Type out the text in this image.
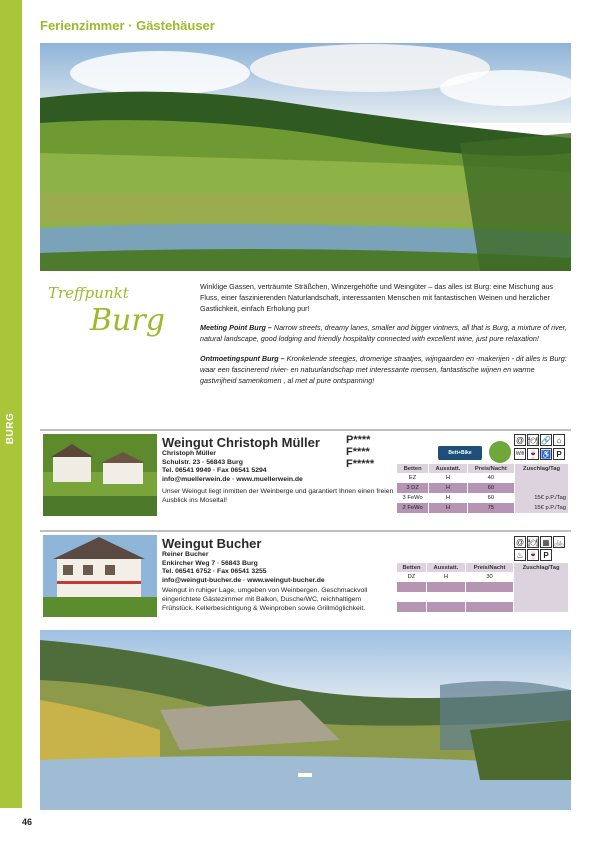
BURG
Ferienzimmer · Gästehäuser
Treffpunkt
Burg

Winklige Gassen, verträumte Sträßchen, Winzergehöfte und Weingüter – das alles ist Burg: eine Mischung aus Fluss, einer faszinierenden Naturlandschaft, interessanten Menschen mit fantastischen Weinen und herzlicher Gastlichkeit, einfach Erholung pur!

Meeting Point Burg – Narrow streets, dreamy lanes, smaller and bigger vintners, all that is Burg, a mixture of river, natural landscape, good lodging and friendly hospitality connected with excellent wine, just pure relaxation!

Ontmoetingspunt Burg – Kronkelende steegjes, dromerige straatjes, wijngaarden en -makerijen - dit alles is Burg: waar een fascinerend rivier- en natuurlandschap met interessante mensen, fantastische wijnen en warme gastvrijheid samenkomen , al met al pure ontspanning!

Weingut Christoph Müller
Christoph Müller
Schulstr. 23 · 56843 Burg
Tel. 06541 9949 · Fax 06541 5294
info@muellerwein.de · www.muellerwein.de
Unser Weingut liegt inmitten der Weinberge und garantiert Ihnen einen freien Ausblick ins Moseltal!
P****
F****
F*****
Bett+Bike
@ 🍽 🔗 ⌂
Wifi 🍷 ♿ P
Betten	Ausstatt.	Preis/Nacht	Zuschlag/Tag
EZ	H	40	
3 DZ	H	60	
3 FeWo	H	60	15€ p.P./Tag
2 FeWo	H	75	15€ p.P./Tag
Weingut Bucher
Reiner Bucher
Enkircher Weg 7 · 56843 Burg
Tel. 06541 6752 · Fax 06541 3255
info@weingut-bucher.de · www.weingut-bucher.de
Weingut in ruhiger Lage, umgeben von Weinbergen. Geschmackvoll eingerichtete Gästezimmer mit Balkon, Dusche/WC, reichhaltigem Frühstück. Kellerbesichtigung & Weinproben sowie Grillmöglichkeit.
@ 🍽 ▦ 🚲
♨ 🍷 P
Betten	Ausstatt.	Preis/Nacht	Zuschlag/Tag
DZ	H	30	

46
